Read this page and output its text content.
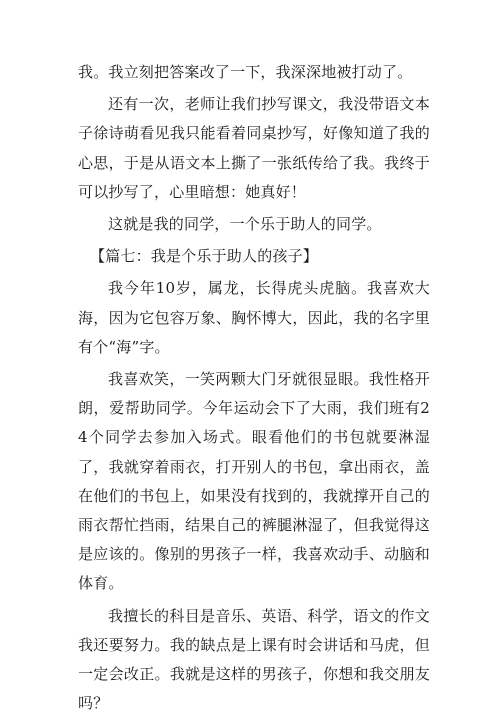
我。我立刻把答案改了一下，我深深地被打动了。

还有一次，老师让我们抄写课文，我没带语文本子徐诗萌看见我只能看着同桌抄写，好像知道了我的心思，于是从语文本上撕了一张纸传给了我。我终于可以抄写了，心里暗想：她真好！

这就是我的同学，一个乐于助人的同学。

【篇七：我是个乐于助人的孩子】

我今年10岁，属龙，长得虎头虎脑。我喜欢大海，因为它包容万象、胸怀博大，因此，我的名字里有个“海”字。

我喜欢笑，一笑两颗大门牙就很显眼。我性格开朗，爱帮助同学。今年运动会下了大雨，我们班有24个同学去参加入场式。眼看他们的书包就要淋湿了，我就穿着雨衣，打开别人的书包，拿出雨衣，盖在他们的书包上，如果没有找到的，我就撑开自己的雨衣帮忙挡雨，结果自己的裤腿淋湿了，但我觉得这是应该的。像别的男孩子一样，我喜欢动手、动脑和体育。

我擅长的科目是音乐、英语、科学，语文的作文我还要努力。我的缺点是上课有时会讲话和马虎，但一定会改正。我就是这样的男孩子，你想和我交朋友吗？
